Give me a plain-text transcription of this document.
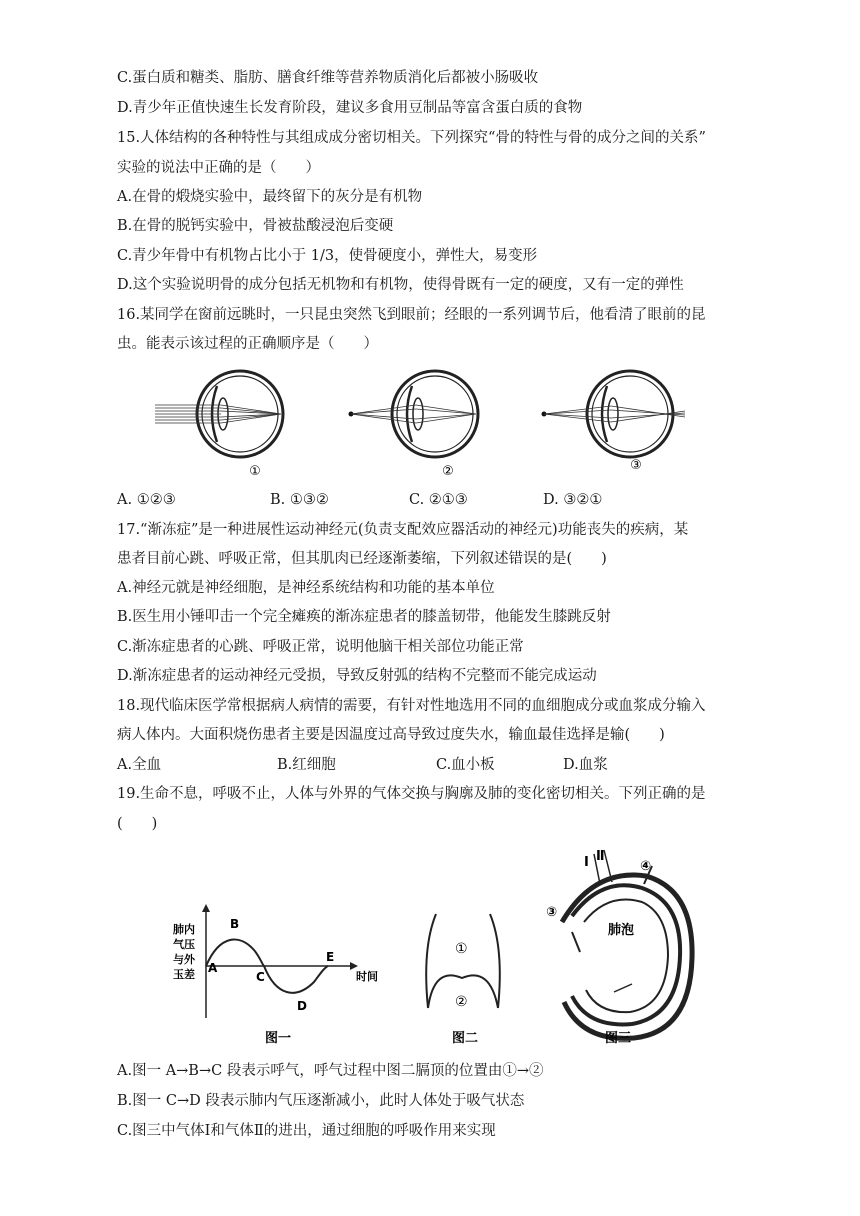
C.蛋白质和糖类、脂肪、膳食纤维等营养物质消化后都被小肠吸收
D.青少年正值快速生长发育阶段，建议多食用豆制品等富含蛋白质的食物
15.人体结构的各种特性与其组成成分密切相关。下列探究“骨的特性与骨的成分之间的关系”
实验的说法中正确的是（　　）
A.在骨的煅烧实验中，最终留下的灰分是有机物
B.在骨的脱钙实验中，骨被盐酸浸泡后变硬
C.青少年骨中有机物占比小于 1/3，使骨硬度小，弹性大，易变形
D.这个实验说明骨的成分包括无机物和有机物，使得骨既有一定的硬度，又有一定的弹性
16.某同学在窗前远眺时，一只昆虫突然飞到眼前；经眼的一系列调节后，他看清了眼前的昆
虫。能表示该过程的正确顺序是（　　）
①	②	③
A. ①②③	B. ①③②	C. ②①③	D. ③②①
17.“渐冻症”是一种进展性运动神经元(负责支配效应器活动的神经元)功能丧失的疾病，某
患者目前心跳、呼吸正常，但其肌肉已经逐渐萎缩，下列叙述错误的是(　　)
A.神经元就是神经细胞，是神经系统结构和功能的基本单位
B.医生用小锤叩击一个完全瘫痪的渐冻症患者的膝盖韧带，他能发生膝跳反射
C.渐冻症患者的心跳、呼吸正常，说明他脑干相关部位功能正常
D.渐冻症患者的运动神经元受损，导致反射弧的结构不完整而不能完成运动
18.现代临床医学常根据病人病情的需要，有针对性地选用不同的血细胞成分或血浆成分输入
病人体内。大面积烧伤患者主要是因温度过高导致过度失水，输血最佳选择是输(　　)
A.全血	B.红细胞	C.血小板	D.血浆
19.生命不息，呼吸不止，人体与外界的气体交换与胸廓及肺的变化密切相关。下列正确的是
(　　)
肺内
气压
与外
玉差 A
B
C
D
E
时间
图一
①
②
图二
Ⅰ Ⅱ
③
④
肺泡
图三
A.图一 A→B→C 段表示呼气，呼气过程中图二膈顶的位置由①→②
B.图一 C→D 段表示肺内气压逐渐减小，此时人体处于吸气状态
C.图三中气体Ⅰ和气体Ⅱ的进出，通过细胞的呼吸作用来实现
